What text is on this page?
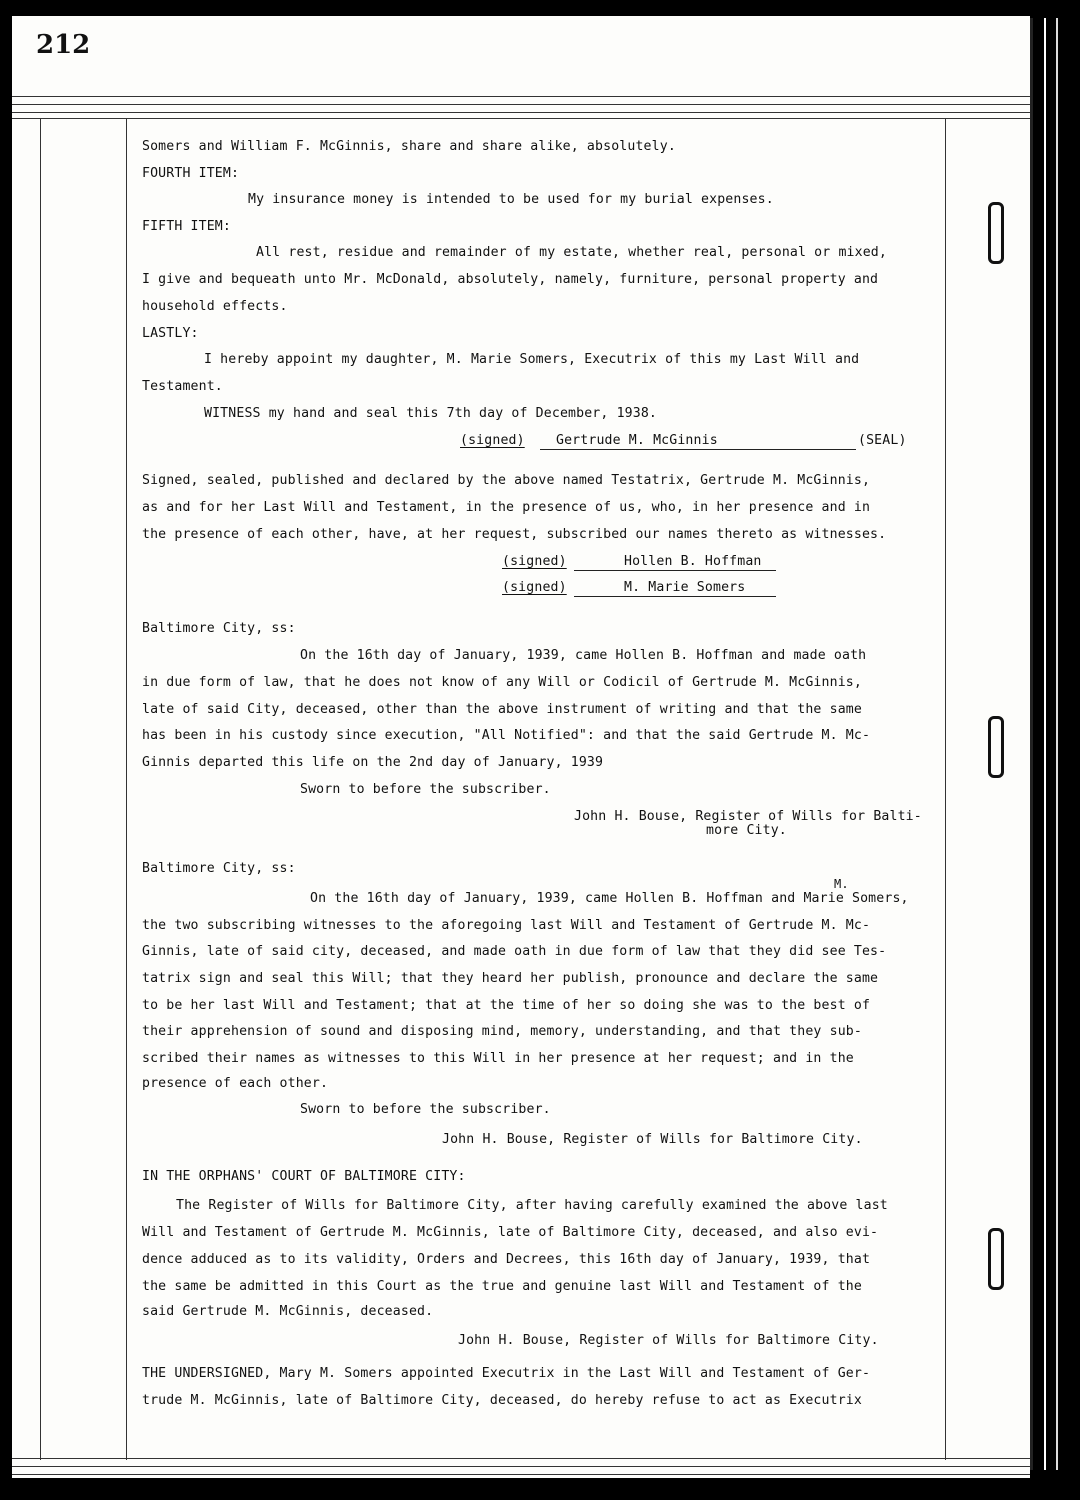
212
Somers and William F. McGinnis, share and share alike, absolutely.
FOURTH ITEM:
My insurance money is intended to be used for my burial expenses.
FIFTH ITEM:
All rest, residue and remainder of my estate, whether real, personal or mixed,
I give and bequeath unto Mr. McDonald, absolutely, namely, furniture, personal property and
household effects.
LASTLY:
I hereby appoint my daughter, M. Marie Somers, Executrix of this my Last Will and
Testament.
WITNESS my hand and seal this 7th day of December, 1938.
(signed) Gertrude M. McGinnis	(SEAL)
Signed, sealed, published and declared by the above named Testatrix, Gertrude M. McGinnis,
as and for her Last Will and Testament, in the presence of us, who, in her presence and in
the presence of each other, have, at her request, subscribed our names thereto as witnesses.
(signed)	Hollen B. Hoffman
(signed)	M. Marie Somers
Baltimore City, ss:
On the 16th day of January, 1939, came Hollen B. Hoffman and made oath
in due form of law, that he does not know of any Will or Codicil of Gertrude M. McGinnis,
late of said City, deceased, other than the above instrument of writing and that the same
has been in his custody since execution, "All Notified": and that the said Gertrude M. Mc-
Ginnis departed this life on the 2nd day of January, 1939
Sworn to before the subscriber.
John H. Bouse, Register of Wills for Balti-
more City.
Baltimore City, ss:
M.
On the 16th day of January, 1939, came Hollen B. Hoffman and Marie Somers,
the two subscribing witnesses to the aforegoing last Will and Testament of Gertrude M. Mc-
Ginnis, late of said city, deceased, and made oath in due form of law that they did see Tes-
tatrix sign and seal this Will; that they heard her publish, pronounce and declare the same
to be her last Will and Testament; that at the time of her so doing she was to the best of
their apprehension of sound and disposing mind, memory, understanding, and that they sub-
scribed their names as witnesses to this Will in her presence at her request; and in the
presence of each other.
Sworn to before the subscriber.
John H. Bouse, Register of Wills for Baltimore City.
IN THE ORPHANS' COURT OF BALTIMORE CITY:
The Register of Wills for Baltimore City, after having carefully examined the above last
Will and Testament of Gertrude M. McGinnis, late of Baltimore City, deceased, and also evi-
dence adduced as to its validity, Orders and Decrees, this 16th day of January, 1939, that
the same be admitted in this Court as the true and genuine last Will and Testament of the
said Gertrude M. McGinnis, deceased.
John H. Bouse, Register of Wills for Baltimore City.
THE UNDERSIGNED, Mary M. Somers appointed Executrix in the Last Will and Testament of Ger-
trude M. McGinnis, late of Baltimore City, deceased, do hereby refuse to act as Executrix
